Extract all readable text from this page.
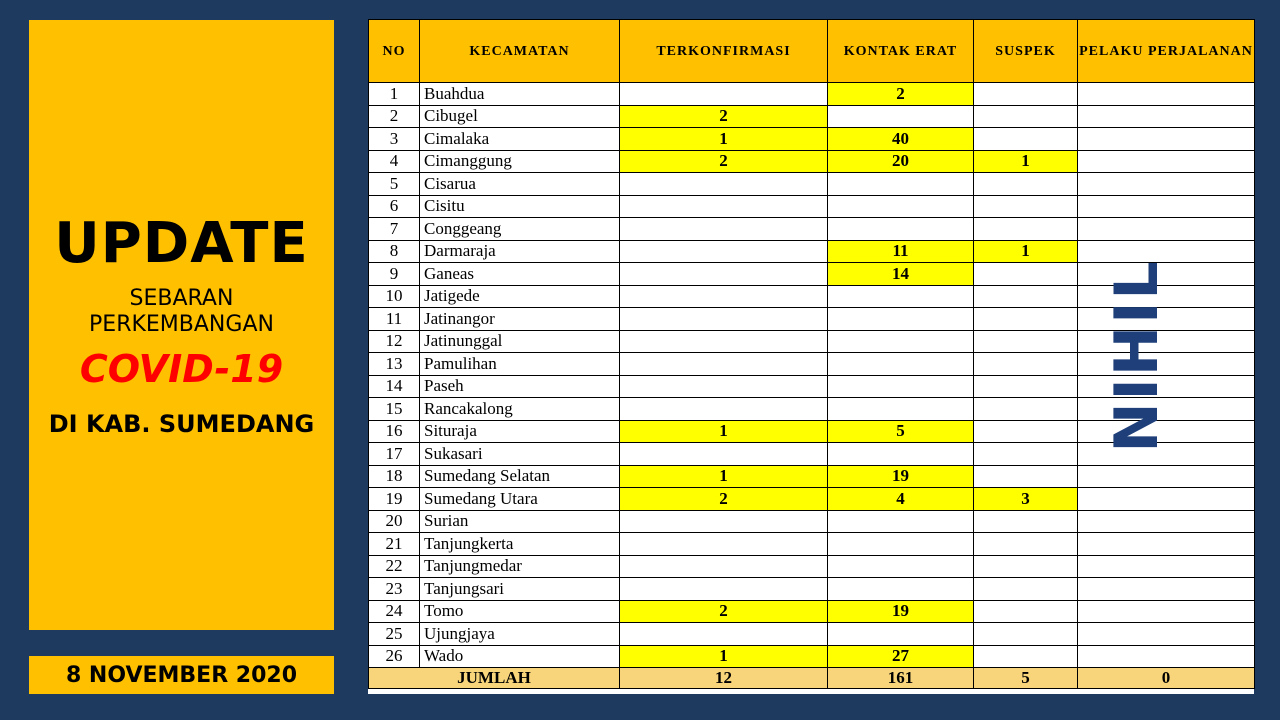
UPDATE
SEBARAN
PERKEMBANGAN
COVID-19
DI KAB. SUMEDANG
8 NOVEMBER 2020
NO	KECAMATAN	TERKONFIRMASI	KONTAK ERAT	SUSPEK	PELAKU PERJALANAN
1	Buahdua		2		
2	Cibugel	2			
3	Cimalaka	1	40		
4	Cimanggung	2	20	1	
5	Cisarua				
6	Cisitu				
7	Conggeang				
8	Darmaraja		11	1	
9	Ganeas		14		
10	Jatigede				
11	Jatinangor				
12	Jatinunggal				
13	Pamulihan				
14	Paseh				
15	Rancakalong				
16	Situraja	1	5		
17	Sukasari				
18	Sumedang Selatan	1	19		
19	Sumedang Utara	2	4	3	
20	Surian				
21	Tanjungkerta				
22	Tanjungmedar				
23	Tanjungsari				
24	Tomo	2	19		
25	Ujungjaya				
26	Wado	1	27		
JUMLAH		12	161	5	0
NIHIL
